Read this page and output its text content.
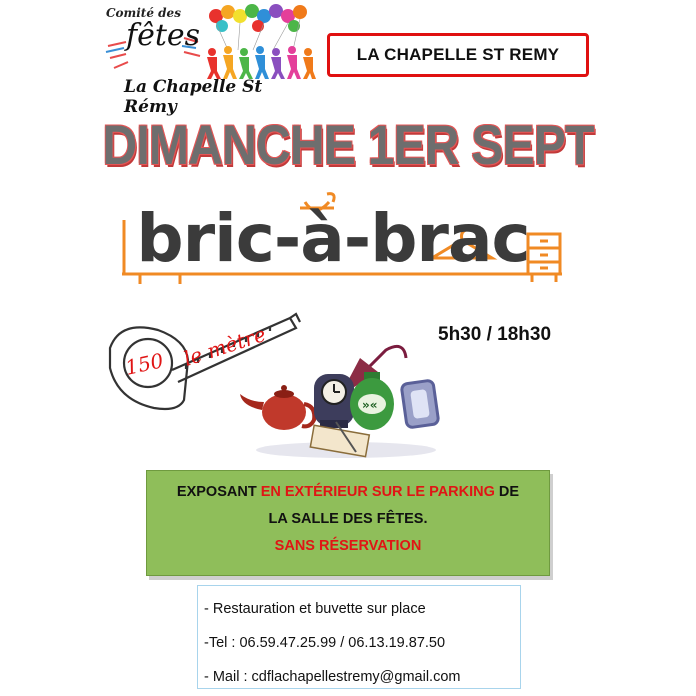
Comité des
fêtes
La Chapelle St Rémy
LA CHAPELLE ST REMY
DIMANCHE 1ER SEPT
bric-à-brac
5h30 / 18h30
150 le mètre
»«
EXPOSANT EN EXTÉRIEUR SUR LE PARKING DE
LA SALLE DES FÊTES.
SANS RÉSERVATION
- Restauration et buvette sur place
-Tel : 06.59.47.25.99 / 06.13.19.87.50
- Mail : cdflachapellestremy@gmail.com
